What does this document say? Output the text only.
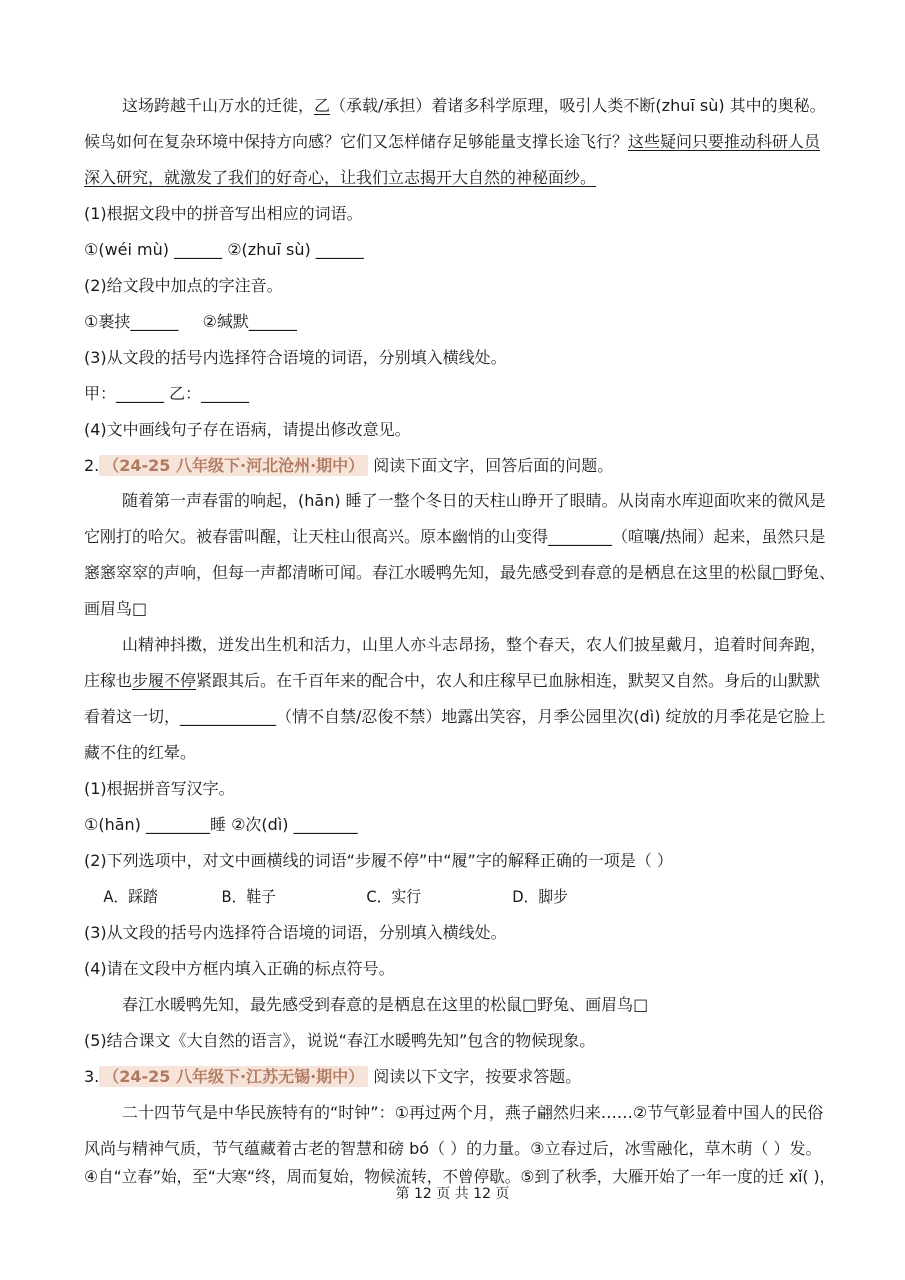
这场跨越千山万水的迁徙，乙（承载/承担）着诸多科学原理，吸引人类不断(zhuī sù) 其中的奥秘。
候鸟如何在复杂环境中保持方向感？它们又怎样储存足够能量支撑长途飞行？这些疑问只要推动科研人员
深入研究，就激发了我们的好奇心，让我们立志揭开大自然的神秘面纱。
(1)根据文段中的拼音写出相应的词语。
①(wéi mù) ______ ②(zhuī sù) ______
(2)给文段中加点的字注音。
①裹挟______ ②缄默______
(3)从文段的括号内选择符合语境的词语，分别填入横线处。
甲：______ 乙：______
(4)文中画线句子存在语病，请提出修改意见。
2. （24-25 八年级下·河北沧州·期中） 阅读下面文字，回答后面的问题。
随着第一声春雷的响起，(hān) 睡了一整个冬日的天柱山睁开了眼睛。从岗南水库迎面吹来的微风是
它刚打的哈欠。被春雷叫醒，让天柱山很高兴。原本幽悄的山变得________（喧嚷/热闹）起来，虽然只是
窸窸窣窣的声响，但每一声都清晰可闻。春江水暖鸭先知，最先感受到春意的是栖息在这里的松鼠□野兔、
画眉鸟□
山精神抖擞，迸发出生机和活力，山里人亦斗志昂扬，整个春天，农人们披星戴月，追着时间奔跑，
庄稼也步履不停紧跟其后。在千百年来的配合中，农人和庄稼早已血脉相连，默契又自然。身后的山默默
看着这一切，____________（情不自禁/忍俊不禁）地露出笑容，月季公园里次(dì) 绽放的月季花是它脸上
藏不住的红晕。
(1)根据拼音写汉字。
①(hān) ________睡 ②次(dì) ________
(2)下列选项中，对文中画横线的词语“步履不停”中“履”字的解释正确的一项是（ ）
A．踩踏	B．鞋子	C．实行	D．脚步
(3)从文段的括号内选择符合语境的词语，分别填入横线处。
(4)请在文段中方框内填入正确的标点符号。
春江水暖鸭先知，最先感受到春意的是栖息在这里的松鼠□野兔、画眉鸟□
(5)结合课文《大自然的语言》，说说“春江水暖鸭先知”包含的物候现象。
3. （24-25 八年级下·江苏无锡·期中） 阅读以下文字，按要求答题。
二十四节气是中华民族特有的“时钟”：①再过两个月，燕子翩然归来……②节气彰显着中国人的民俗
风尚与精神气质，节气蕴藏着古老的智慧和磅 bó（ ）的力量。③立春过后，冰雪融化，草木萌（ ）发。
④自“立春”始，至“大寒“终，周而复始，物候流转，不曾停歇。⑤到了秋季，大雁开始了一年一度的迁 xǐ( )，
第 12 页 共 12 页
